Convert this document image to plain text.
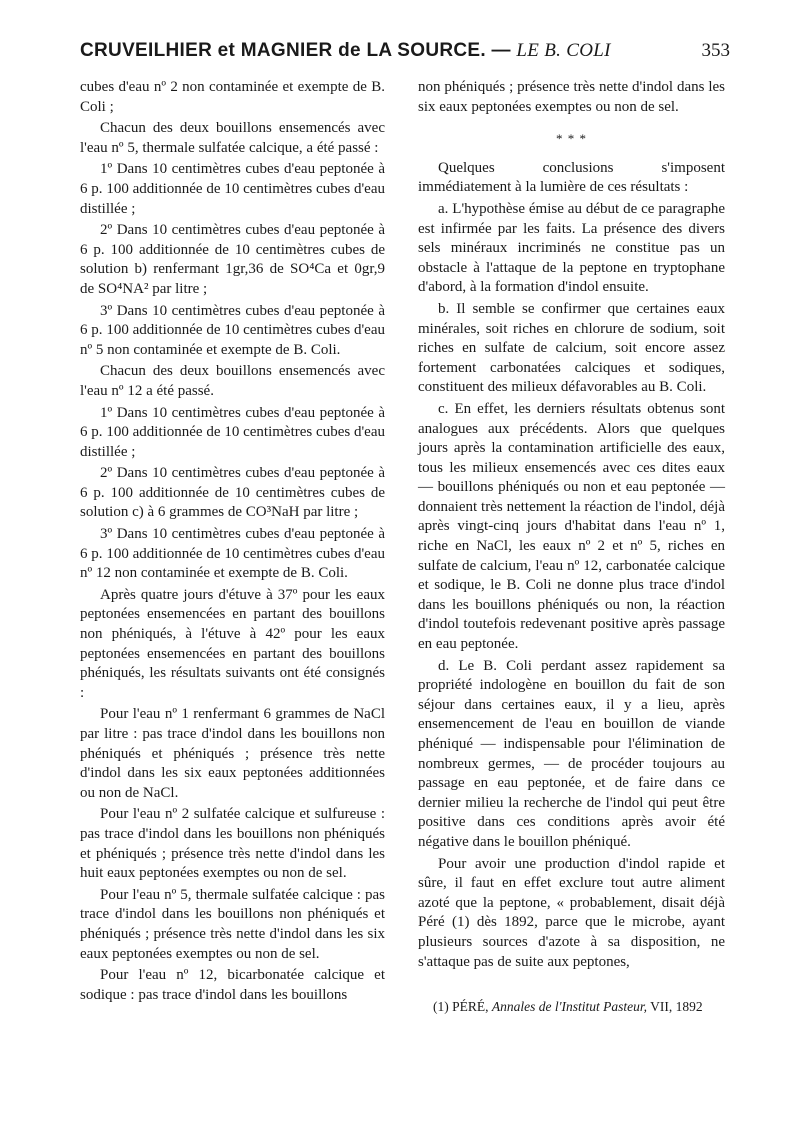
CRUVEILHIER et MAGNIER de LA SOURCE. — LE B. COLI	353

cubes d'eau nº 2 non contaminée et exempte de B. Coli ;

Chacun des deux bouillons ensemencés avec l'eau nº 5, thermale sulfatée calcique, a été passé :

1º Dans 10 centimètres cubes d'eau peptonée à 6 p. 100 additionnée de 10 centimètres cubes d'eau distillée ;

2º Dans 10 centimètres cubes d'eau peptonée à 6 p. 100 additionnée de 10 centimètres cubes de solution b) renfermant 1gr,36 de SO⁴Ca et 0gr,9 de SO⁴NA² par litre ;

3º Dans 10 centimètres cubes d'eau peptonée à 6 p. 100 additionnée de 10 centimètres cubes d'eau nº 5 non contaminée et exempte de B. Coli.

Chacun des deux bouillons ensemencés avec l'eau nº 12 a été passé.

1º Dans 10 centimètres cubes d'eau peptonée à 6 p. 100 additionnée de 10 centimètres cubes d'eau distillée ;

2º Dans 10 centimètres cubes d'eau peptonée à 6 p. 100 additionnée de 10 centimètres cubes de solution c) à 6 grammes de CO³NaH par litre ;

3º Dans 10 centimètres cubes d'eau peptonée à 6 p. 100 additionnée de 10 centimètres cubes d'eau nº 12 non contaminée et exempte de B. Coli.

Après quatre jours d'étuve à 37º pour les eaux peptonées ensemencées en partant des bouillons non phéniqués, à l'étuve à 42º pour les eaux peptonées ensemencées en partant des bouillons phéniqués, les résultats suivants ont été consignés :

Pour l'eau nº 1 renfermant 6 grammes de NaCl par litre : pas trace d'indol dans les bouillons non phéniqués et phéniqués ; présence très nette d'indol dans les six eaux peptonées additionnées ou non de NaCl.

Pour l'eau nº 2 sulfatée calcique et sulfureuse : pas trace d'indol dans les bouillons non phéniqués et phéniqués ; présence très nette d'indol dans les huit eaux peptonées exemptes ou non de sel.

Pour l'eau nº 5, thermale sulfatée calcique : pas trace d'indol dans les bouillons non phéniqués et phéniqués ; présence très nette d'indol dans les six eaux peptonées exemptes ou non de sel.

Pour l'eau nº 12, bicarbonatée calcique et sodique : pas trace d'indol dans les bouillons

non phéniqués ; présence très nette d'indol dans les six eaux peptonées exemptes ou non de sel.

* * *

Quelques conclusions s'imposent immédiatement à la lumière de ces résultats :

a. L'hypothèse émise au début de ce paragraphe est infirmée par les faits. La présence des divers sels minéraux incriminés ne constitue pas un obstacle à l'attaque de la peptone en tryptophane d'abord, à la formation d'indol ensuite.

b. Il semble se confirmer que certaines eaux minérales, soit riches en chlorure de sodium, soit riches en sulfate de calcium, soit encore assez fortement carbonatées calciques et sodiques, constituent des milieux défavorables au B. Coli.

c. En effet, les derniers résultats obtenus sont analogues aux précédents. Alors que quelques jours après la contamination artificielle des eaux, tous les milieux ensemencés avec ces dites eaux — bouillons phéniqués ou non et eau peptonée — donnaient très nettement la réaction de l'indol, déjà après vingt-cinq jours d'habitat dans l'eau nº 1, riche en NaCl, les eaux nº 2 et nº 5, riches en sulfate de calcium, l'eau nº 12, carbonatée calcique et sodique, le B. Coli ne donne plus trace d'indol dans les bouillons phéniqués ou non, la réaction d'indol toutefois redevenant positive après passage en eau peptonée.

d. Le B. Coli perdant assez rapidement sa propriété indologène en bouillon du fait de son séjour dans certaines eaux, il y a lieu, après ensemencement de l'eau en bouillon de viande phéniqué — indispensable pour l'élimination de nombreux germes, — de procéder toujours au passage en eau peptonée, et de faire dans ce dernier milieu la recherche de l'indol qui peut être positive dans ces conditions après avoir été négative dans le bouillon phéniqué.

Pour avoir une production d'indol rapide et sûre, il faut en effet exclure tout autre aliment azoté que la peptone, « probablement, disait déjà Péré (1) dès 1892, parce que le microbe, ayant plusieurs sources d'azote à sa disposition, ne s'attaque pas de suite aux peptones,

(1) PÉRÉ, Annales de l'Institut Pasteur, VII, 1892
